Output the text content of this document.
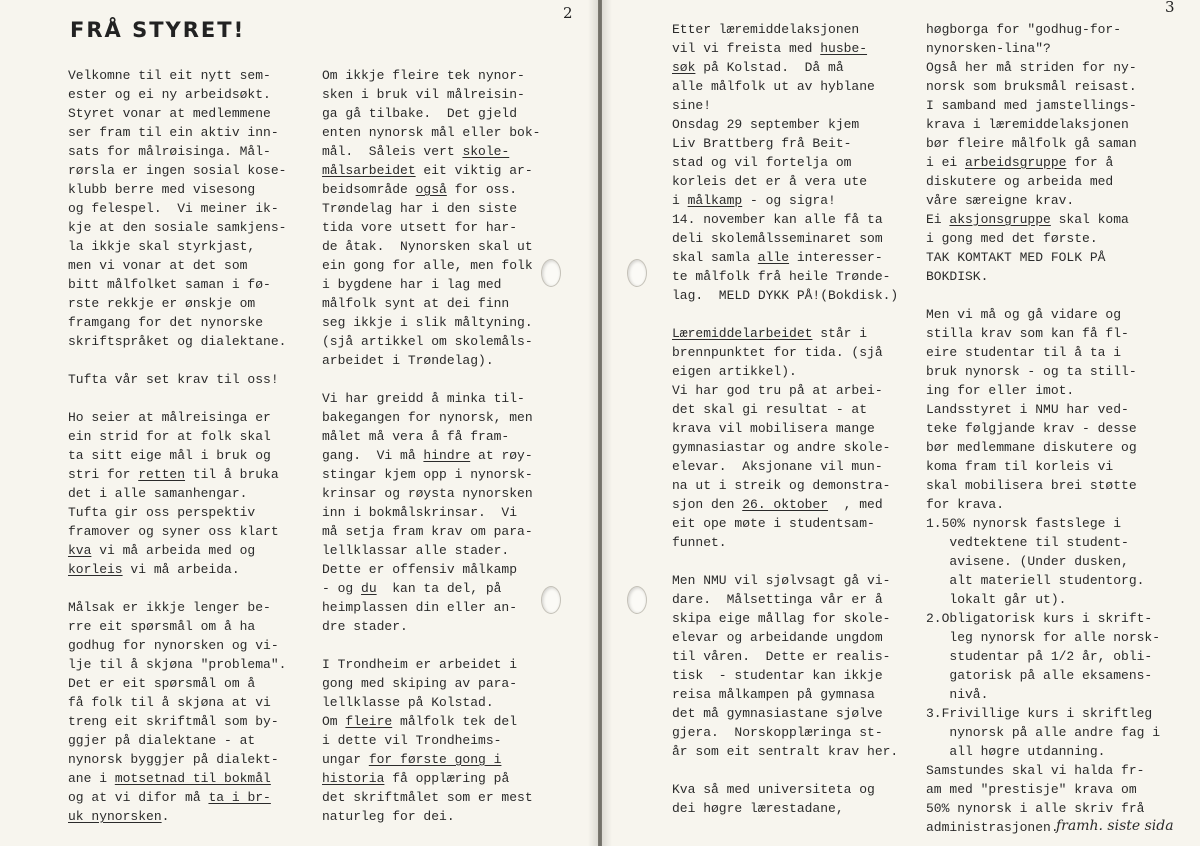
2	3
FRÅ STYRET!
Velkomne til eit nytt sem-
ester og ei ny arbeidsøkt.
Styret vonar at medlemmene
ser fram til ein aktiv inn-
sats for målrøisinga. Mål-
rørsla er ingen sosial kose-
klubb berre med visesong
og felespel.  Vi meiner ik-
kje at den sosiale samkjens-
la ikkje skal styrkjast,
men vi vonar at det som
bitt målfolket saman i fø-
rste rekkje er ønskje om
framgang for det nynorske
skriftspråket og dialektane.
Tufta vår set krav til oss!
Ho seier at målreisinga er
ein strid for at folk skal
ta sitt eige mål i bruk og
stri for retten til å bruka
det i alle samanhengar.
Tufta gir oss perspektiv
framover og syner oss klart
kva vi må arbeida med og
korleis vi må arbeida.
Målsak er ikkje lenger be-
rre eit spørsmål om å ha
godhug for nynorsken og vi-
lje til å skjøna "problema".
Det er eit spørsmål om å
få folk til å skjøna at vi
treng eit skriftmål som by-
ggjer på dialektane - at
nynorsk byggjer på dialekt-
ane i motsetnad til bokmål
og at vi difor må ta i br-
uk nynorsken.
Om ikkje fleire tek nynor-
sken i bruk vil målreisin-
ga gå tilbake.  Det gjeld
enten nynorsk mål eller bok-
mål.  Såleis vert skole-
målsarbeidet eit viktig ar-
beidsområde også for oss.
Trøndelag har i den siste
tida vore utsett for har-
de åtak.  Nynorsken skal ut
ein gong for alle, men folk
i bygdene har i lag med
målfolk synt at dei finn
seg ikkje i slik måltyning.
(sjå artikkel om skolemåls-
arbeidet i Trøndelag).
Vi har greidd å minka til-
bakegangen for nynorsk, men
målet må vera å få fram-
gang.  Vi må hindre at røy-
stingar kjem opp i nynorsk-
krinsar og røysta nynorsken
inn i bokmålskrinsar.  Vi
må setja fram krav om para-
lellklassar alle stader.
Dette er offensiv målkamp
- og du  kan ta del, på
heimplassen din eller an-
dre stader.
I Trondheim er arbeidet i
gong med skiping av para-
lellklasse på Kolstad.
Om fleire målfolk tek del
i dette vil Trondheims-
ungar for første gong i
historia få opplæring på
det skriftmålet som er mest
naturleg for dei.
Etter læremiddelaksjonen
vil vi freista med husbe-
søk på Kolstad.  Då må
alle målfolk ut av hyblane
sine!
Onsdag 29 september kjem
Liv Brattberg frå Beit-
stad og vil fortelja om
korleis det er å vera ute
i målkamp - og sigra!
14. november kan alle få ta
deli skolemålsseminaret som
skal samla alle interesser-
te målfolk frå heile Trønde-
lag.  MELD DYKK PÅ!(Bokdisk.)
Læremiddelarbeidet står i
brennpunktet for tida. (sjå
eigen artikkel).
Vi har god tru på at arbei-
det skal gi resultat - at
krava vil mobilisera mange
gymnasiastar og andre skole-
elevar.  Aksjonane vil mun-
na ut i streik og demonstra-
sjon den 26. oktober  , med
eit ope møte i studentsam-
funnet.
Men NMU vil sjølvsagt gå vi-
dare.  Målsettinga vår er å
skipa eige mållag for skole-
elevar og arbeidande ungdom
til våren.  Dette er realis-
tisk  - studentar kan ikkje
reisa målkampen på gymnasa
det må gymnasiastane sjølve
gjera.  Norskopplæringa st-
år som eit sentralt krav her.
Kva så med universiteta og
dei høgre lærestadane,
høgborga for "godhug-for-
nynorsken-lina"?
Også her må striden for ny-
norsk som bruksmål reisast.
I samband med jamstellings-
krava i læremiddelaksjonen
bør fleire målfolk gå saman
i ei arbeidsgruppe for å
diskutere og arbeida med
våre særeigne krav.
Ei aksjonsgruppe skal koma
i gong med det første.
TAK KOMTAKT MED FOLK PÅ
BOKDISK.
Men vi må og gå vidare og
stilla krav som kan få fl-
eire studentar til å ta i
bruk nynorsk - og ta still-
ing for eller imot.
Landsstyret i NMU har ved-
teke følgjande krav - desse
bør medlemmane diskutere og
koma fram til korleis vi
skal mobilisera brei støtte
for krava.
1.50% nynorsk fastslege i
vedtektene til student-
avisene. (Under dusken,
alt materiell studentorg.
lokalt går ut).
2.Obligatorisk kurs i skrift-
leg nynorsk for alle norsk-
studentar på 1/2 år, obli-
gatorisk på alle eksamens-
nivå.
3.Frivillige kurs i skriftleg
nynorsk på alle andre fag i
all høgre utdanning.
Samstundes skal vi halda fr-
am med "prestisje" krava om
50% nynorsk i alle skriv frå
administrasjonen.
framh. siste sida
